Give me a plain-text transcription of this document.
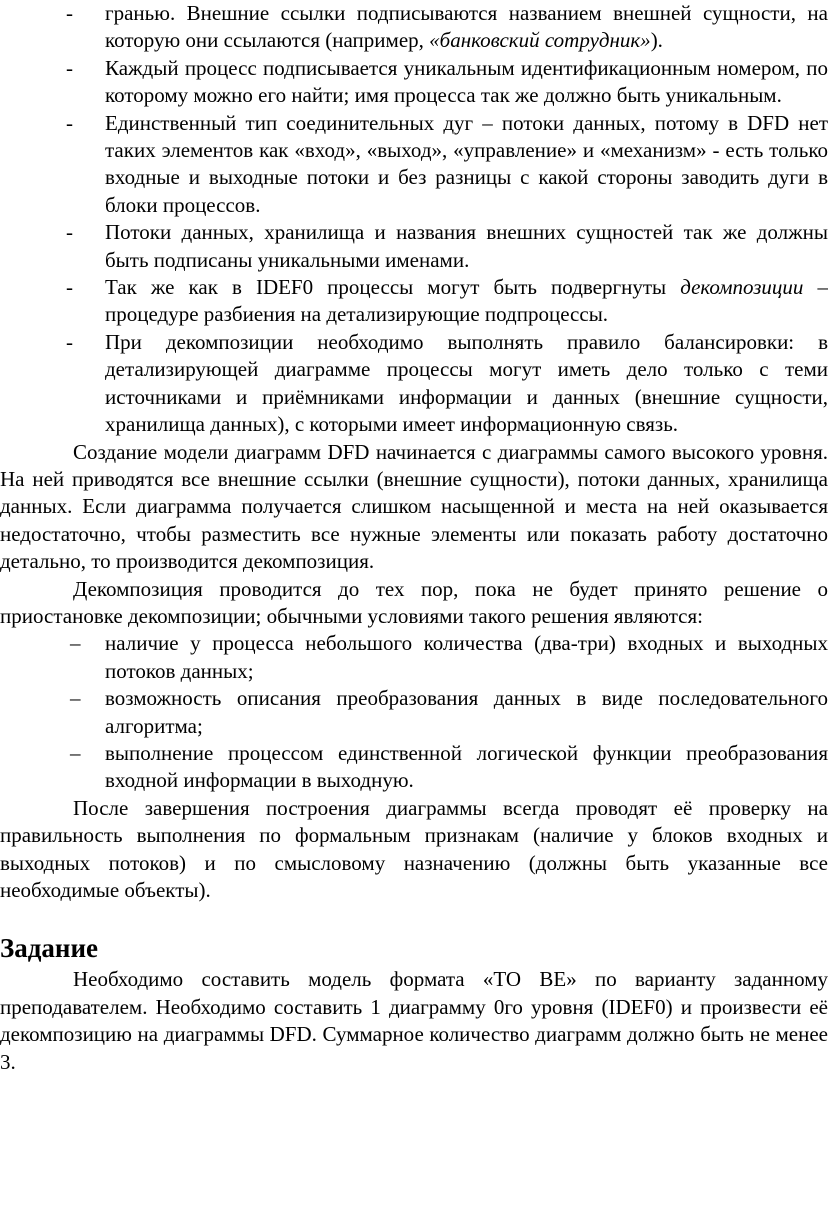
- гранью. Внешние ссылки подписываются названием внешней сущности, на которую они ссылаются (например, «банковский сотрудник»).
- Каждый процесс подписывается уникальным идентификационным номером, по которому можно его найти; имя процесса так же должно быть уникальным.
- Единственный тип соединительных дуг – потоки данных, потому в DFD нет таких элементов как «вход», «выход», «управление» и «механизм» - есть только входные и выходные потоки и без разницы с какой стороны заводить дуги в блоки процессов.
- Потоки данных, хранилища и названия внешних сущностей так же должны быть подписаны уникальными именами.
- Так же как в IDEF0 процессы могут быть подвергнуты декомпозиции – процедуре разбиения на детализирующие подпроцессы.
- При декомпозиции необходимо выполнять правило балансировки: в детализирующей диаграмме процессы могут иметь дело только с теми источниками и приёмниками информации и данных (внешние сущности, хранилища данных), с которыми имеет информационную связь.

Создание модели диаграмм DFD начинается с диаграммы самого высокого уровня. На ней приводятся все внешние ссылки (внешние сущности), потоки данных, хранилища данных. Если диаграмма получается слишком насыщенной и места на ней оказывается недостаточно, чтобы разместить все нужные элементы или показать работу достаточно детально, то производится декомпозиция.

Декомпозиция проводится до тех пор, пока не будет принято решение о приостановке декомпозиции; обычными условиями такого решения являются:

– наличие у процесса небольшого количества (два-три) входных и выходных потоков данных;
– возможность описания преобразования данных в виде последовательного алгоритма;
– выполнение процессом единственной логической функции преобразования входной информации в выходную.

После завершения построения диаграммы всегда проводят её проверку на правильность выполнения по формальным признакам (наличие у блоков входных и выходных потоков) и по смысловому назначению (должны быть указанные все необходимые объекты).

Задание

Необходимо составить модель формата «TO BE» по варианту заданному преподавателем. Необходимо составить 1 диаграмму 0го уровня (IDEF0) и произвести её декомпозицию на диаграммы DFD. Суммарное количество диаграмм должно быть не менее 3.
